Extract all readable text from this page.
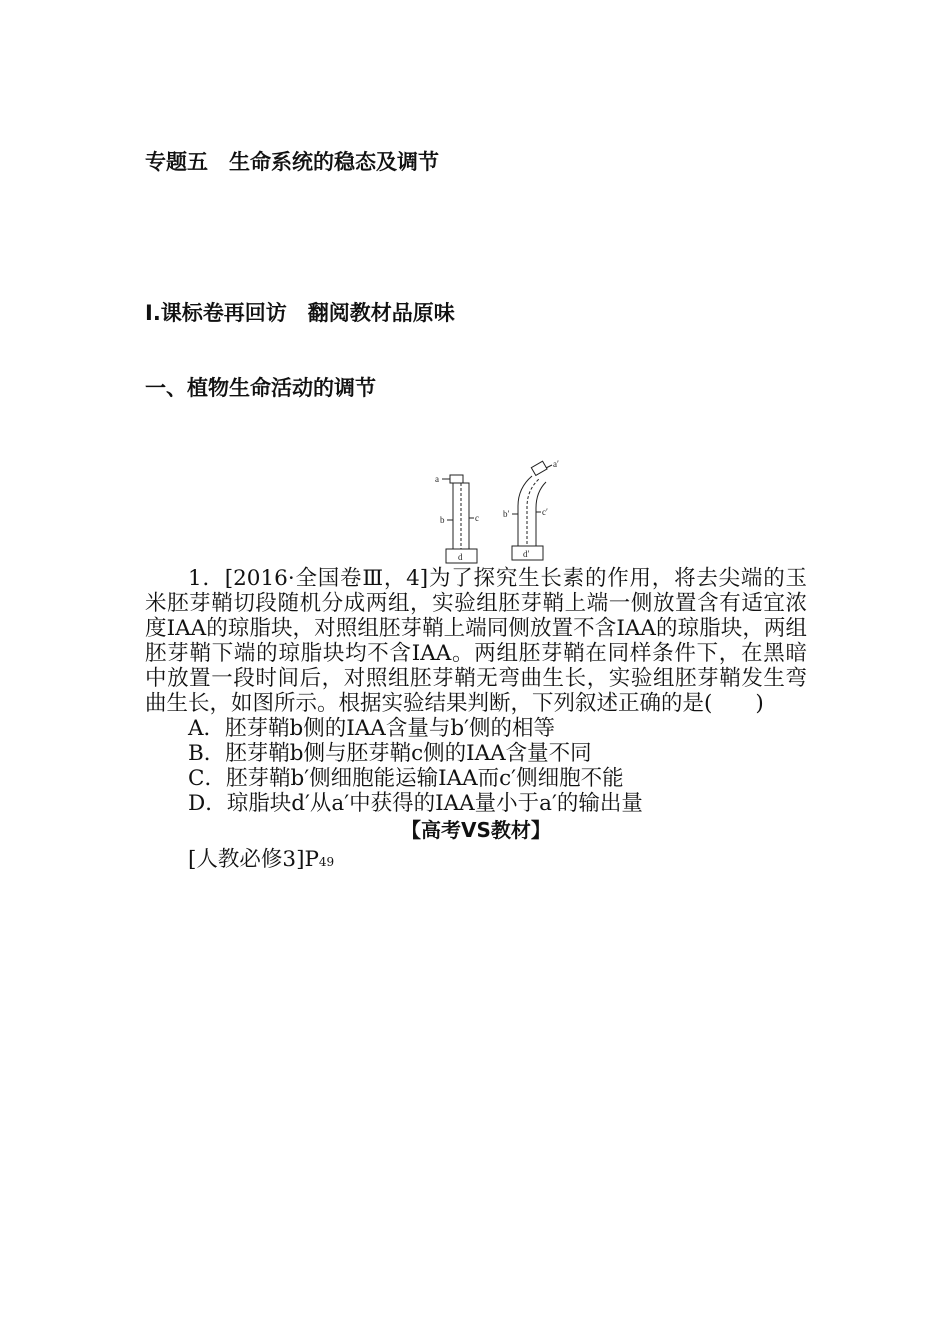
专题五　生命系统的稳态及调节
Ⅰ.课标卷再回访　翻阅教材品原味
一、植物生命活动的调节
a
b	c
d
a′
b′	c′
d′

1．[2016·全国卷Ⅲ，4]为了探究生长素的作用，将去尖端的玉米胚芽鞘切段随机分成两组，实验组胚芽鞘上端一侧放置含有适宜浓度IAA的琼脂块，对照组胚芽鞘上端同侧放置不含IAA的琼脂块，两组胚芽鞘下端的琼脂块均不含IAA。两组胚芽鞘在同样条件下，在黑暗中放置一段时间后，对照组胚芽鞘无弯曲生长，实验组胚芽鞘发生弯曲生长，如图所示。根据实验结果判断，下列叙述正确的是(　　)

A．胚芽鞘b侧的IAA含量与b′侧的相等

B．胚芽鞘b侧与胚芽鞘c侧的IAA含量不同

C．胚芽鞘b′侧细胞能运输IAA而c′侧细胞不能

D．琼脂块d′从a′中获得的IAA量小于a′的输出量

【高考VS教材】

[人教必修3]P49
